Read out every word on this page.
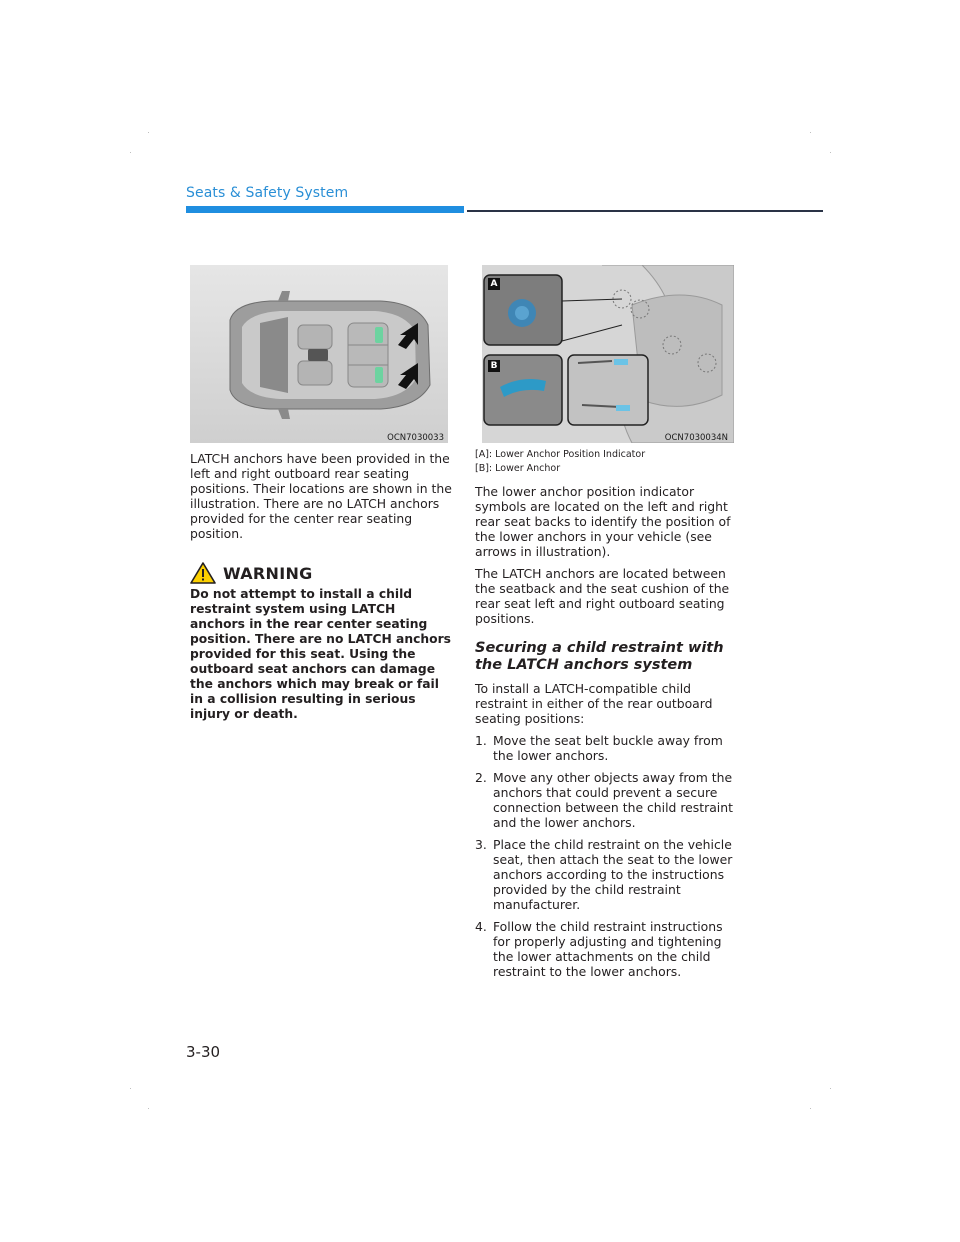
Seats & Safety System
OCN7030033
A
B
OCN7030034N

LATCH anchors have been provided in the left and right outboard rear seating positions. Their locations are shown in the illustration. There are no LATCH anchors provided for the center rear seating position.

WARNING

Do not attempt to install a child restraint system using LATCH anchors in the rear center seating position. There are no LATCH anchors provided for this seat. Using the outboard seat anchors can damage the anchors which may break or fail in a collision resulting in serious injury or death.

[A]: Lower Anchor Position Indicator

[B]: Lower Anchor

The lower anchor position indicator symbols are located on the left and right rear seat backs to identify the position of the lower anchors in your vehicle (see arrows in illustration).

The LATCH anchors are located between the seatback and the seat cushion of the rear seat left and right outboard seating positions.

Securing a child restraint with the LATCH anchors system

To install a LATCH-compatible child restraint in either of the rear outboard seating positions:

1. Move the seat belt buckle away from the lower anchors.
2. Move any other objects away from the anchors that could prevent a secure connection between the child restraint and the lower anchors.
3. Place the child restraint on the vehicle seat, then attach the seat to the lower anchors according to the instructions provided by the child restraint manufacturer.
4. Follow the child restraint instructions for properly adjusting and tightening the lower attachments on the child restraint to the lower anchors.
3-30
